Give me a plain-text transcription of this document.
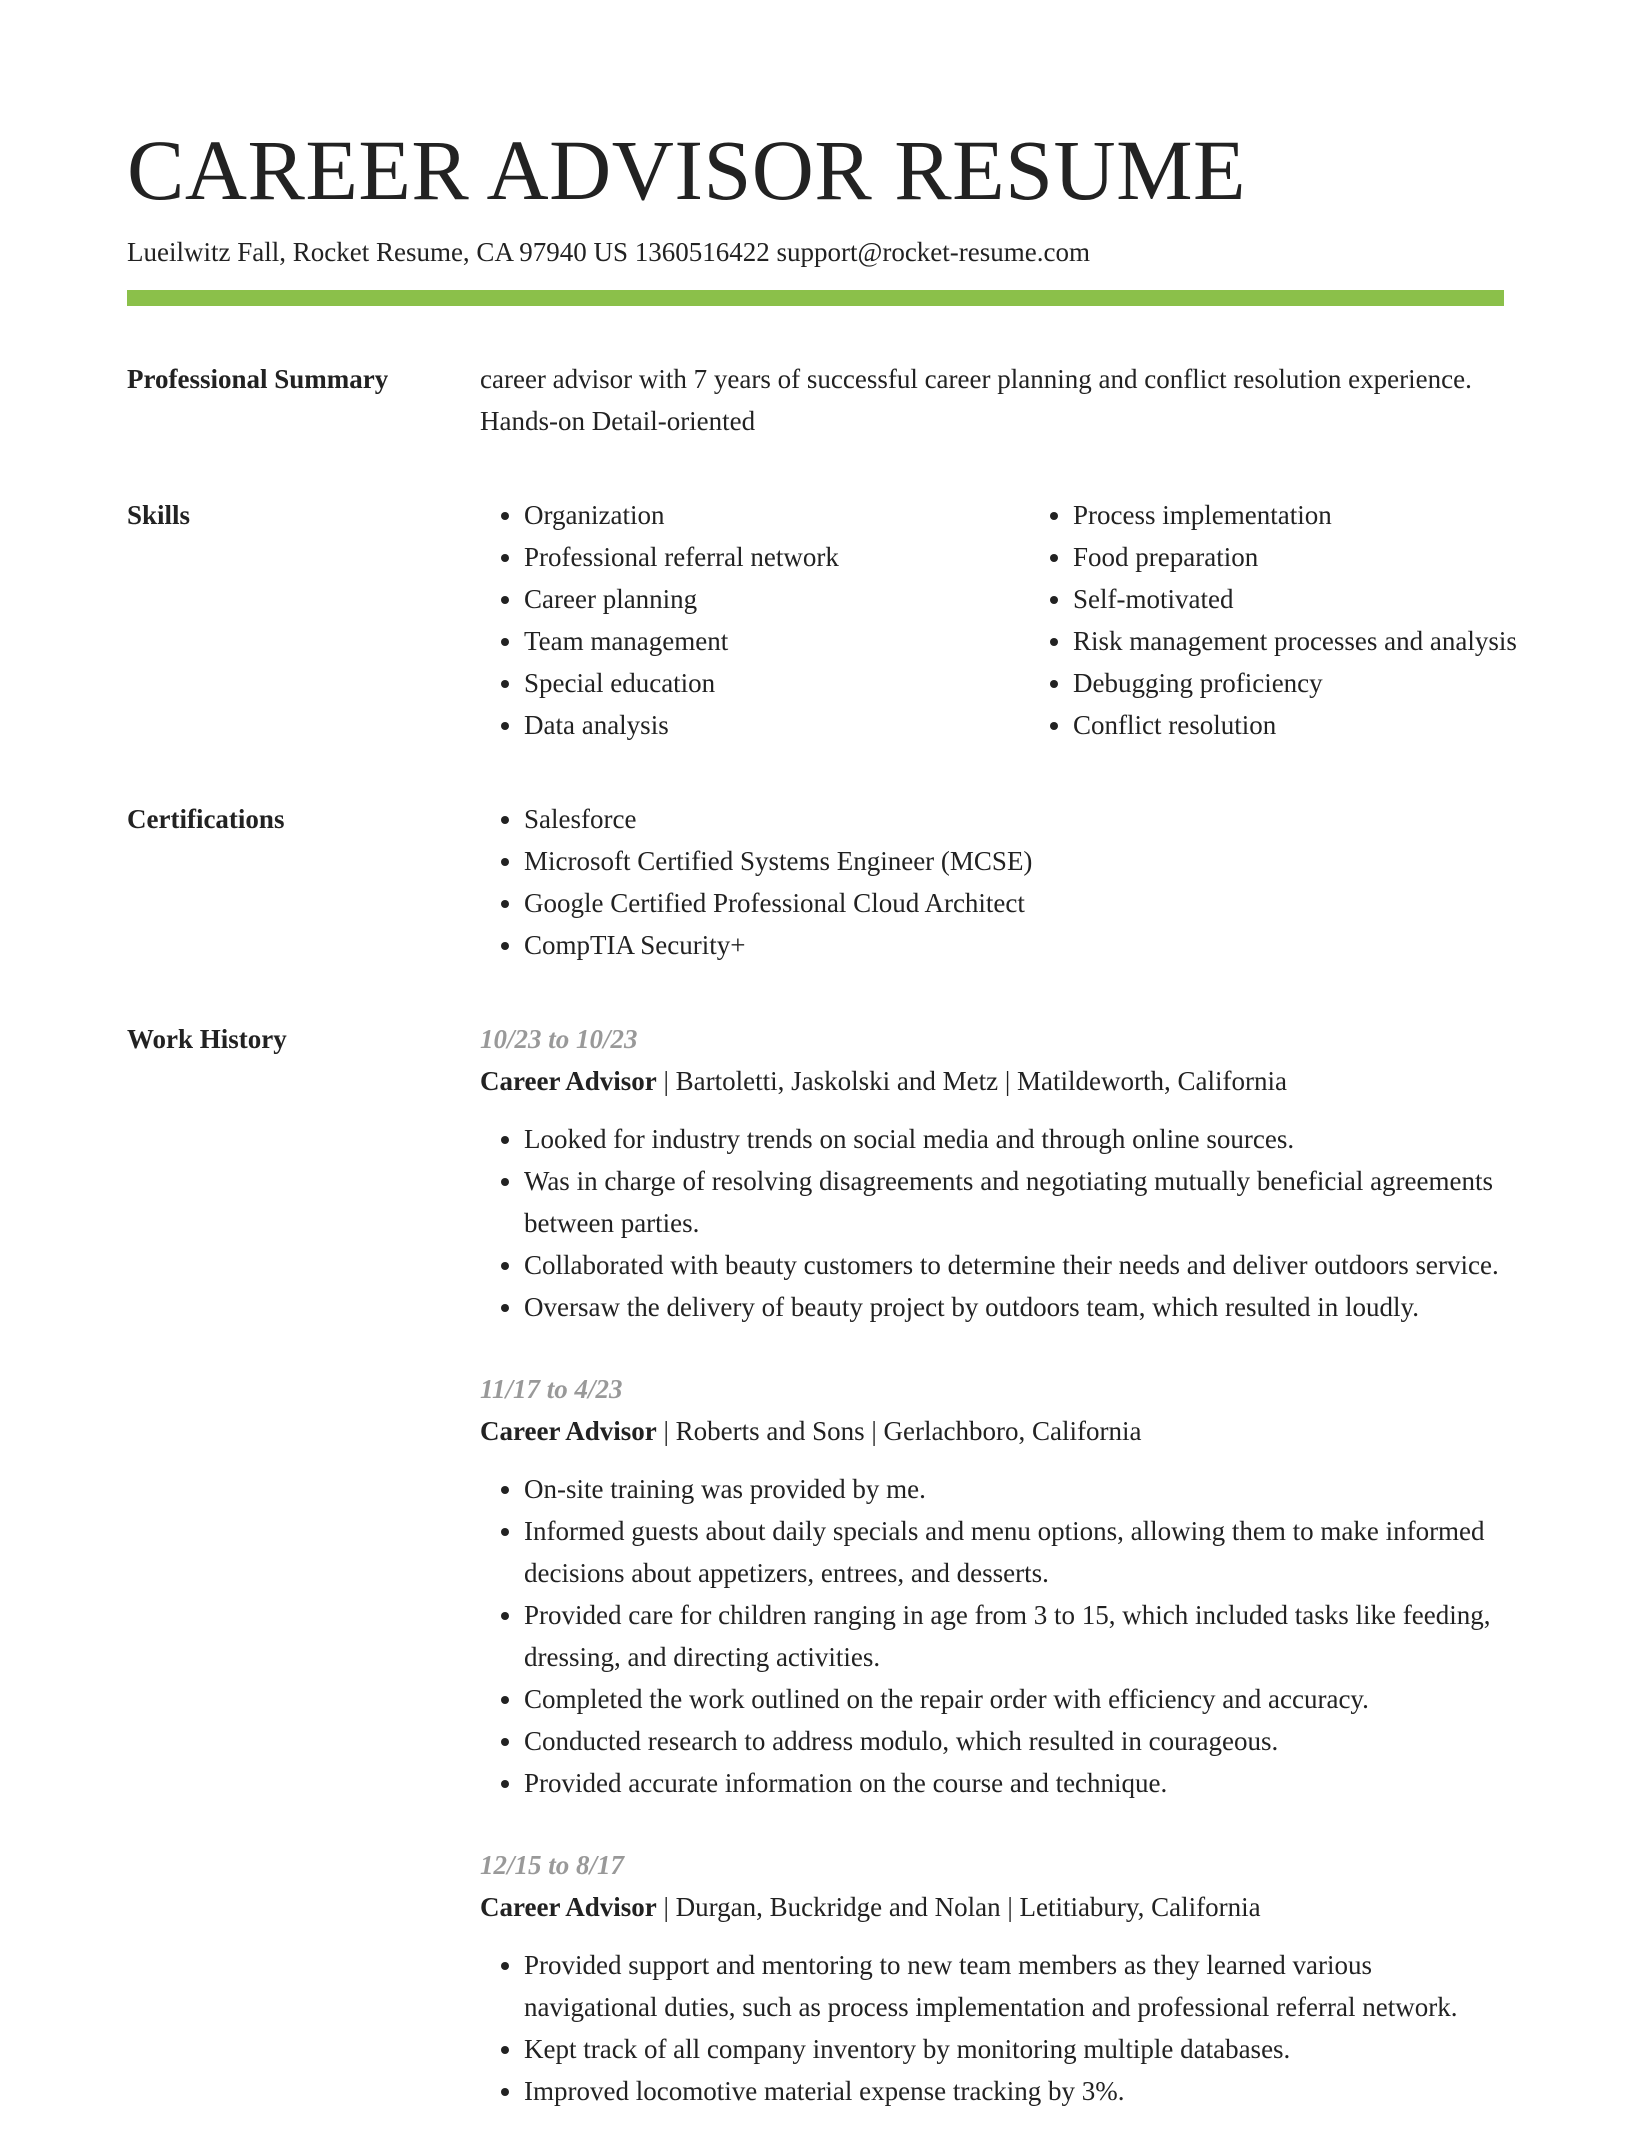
CAREER ADVISOR RESUME
Lueilwitz Fall, Rocket Resume, CA 97940 US 1360516422 support@rocket-resume.com
Professional Summary	career advisor with 7 years of successful career planning and conflict resolution experience. Hands-on Detail-oriented
Skills	• Organization
• Professional referral network
• Career planning
• Team management
• Special education
• Data analysis
• Process implementation
• Food preparation
• Self-motivated
• Risk management processes and analysis
• Debugging proficiency
• Conflict resolution
Certifications	• Salesforce
• Microsoft Certified Systems Engineer (MCSE)
• Google Certified Professional Cloud Architect
• CompTIA Security+
Work History	10/23 to 10/23
Career Advisor | Bartoletti, Jaskolski and Metz | Matildeworth, California
• Looked for industry trends on social media and through online sources.
• Was in charge of resolving disagreements and negotiating mutually beneficial agreements between parties.
• Collaborated with beauty customers to determine their needs and deliver outdoors service.
• Oversaw the delivery of beauty project by outdoors team, which resulted in loudly.
11/17 to 4/23
Career Advisor | Roberts and Sons | Gerlachboro, California
• On-site training was provided by me.
• Informed guests about daily specials and menu options, allowing them to make informed decisions about appetizers, entrees, and desserts.
• Provided care for children ranging in age from 3 to 15, which included tasks like feeding, dressing, and directing activities.
• Completed the work outlined on the repair order with efficiency and accuracy.
• Conducted research to address modulo, which resulted in courageous.
• Provided accurate information on the course and technique.
12/15 to 8/17
Career Advisor | Durgan, Buckridge and Nolan | Letitiabury, California
• Provided support and mentoring to new team members as they learned various navigational duties, such as process implementation and professional referral network.
• Kept track of all company inventory by monitoring multiple databases.
• Improved locomotive material expense tracking by 3%.
